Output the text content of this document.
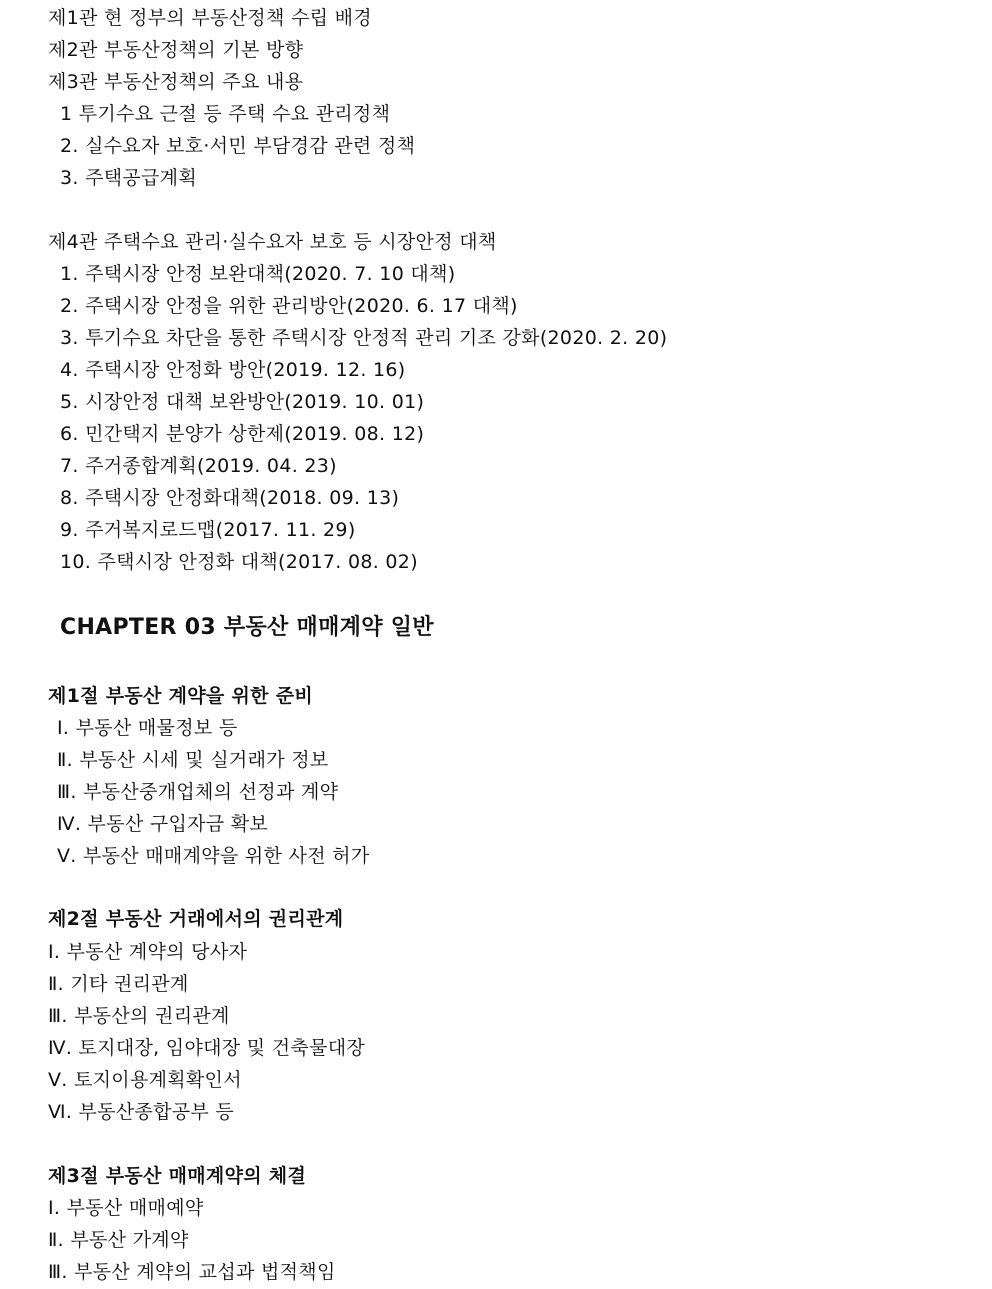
제1관 현 정부의 부동산정책 수립 배경
제2관 부동산정책의 기본 방향
제3관 부동산정책의 주요 내용
1 투기수요 근절 등 주택 수요 관리정책
2. 실수요자 보호·서민 부담경감 관련 정책
3. 주택공급계획
제4관 주택수요 관리·실수요자 보호 등 시장안정 대책
1. 주택시장 안정 보완대책(2020. 7. 10 대책)
2. 주택시장 안정을 위한 관리방안(2020. 6. 17 대책)
3. 투기수요 차단을 통한 주택시장 안정적 관리 기조 강화(2020. 2. 20)
4. 주택시장 안정화 방안(2019. 12. 16)
5. 시장안정 대책 보완방안(2019. 10. 01)
6. 민간택지 분양가 상한제(2019. 08. 12)
7. 주거종합계획(2019. 04. 23)
8. 주택시장 안정화대책(2018. 09. 13)
9. 주거복지로드맵(2017. 11. 29)
10. 주택시장 안정화 대책(2017. 08. 02)
CHAPTER 03 부동산 매매계약 일반
제1절 부동산 계약을 위한 준비
Ⅰ. 부동산 매물정보 등
Ⅱ. 부동산 시세 및 실거래가 정보
Ⅲ. 부동산중개업체의 선정과 계약
Ⅳ. 부동산 구입자금 확보
Ⅴ. 부동산 매매계약을 위한 사전 허가
제2절 부동산 거래에서의 권리관계
Ⅰ. 부동산 계약의 당사자
Ⅱ. 기타 권리관계
Ⅲ. 부동산의 권리관계
Ⅳ. 토지대장, 임야대장 및 건축물대장
Ⅴ. 토지이용계획확인서
Ⅵ. 부동산종합공부 등
제3절 부동산 매매계약의 체결
Ⅰ. 부동산 매매예약
Ⅱ. 부동산 가계약
Ⅲ. 부동산 계약의 교섭과 법적책임
